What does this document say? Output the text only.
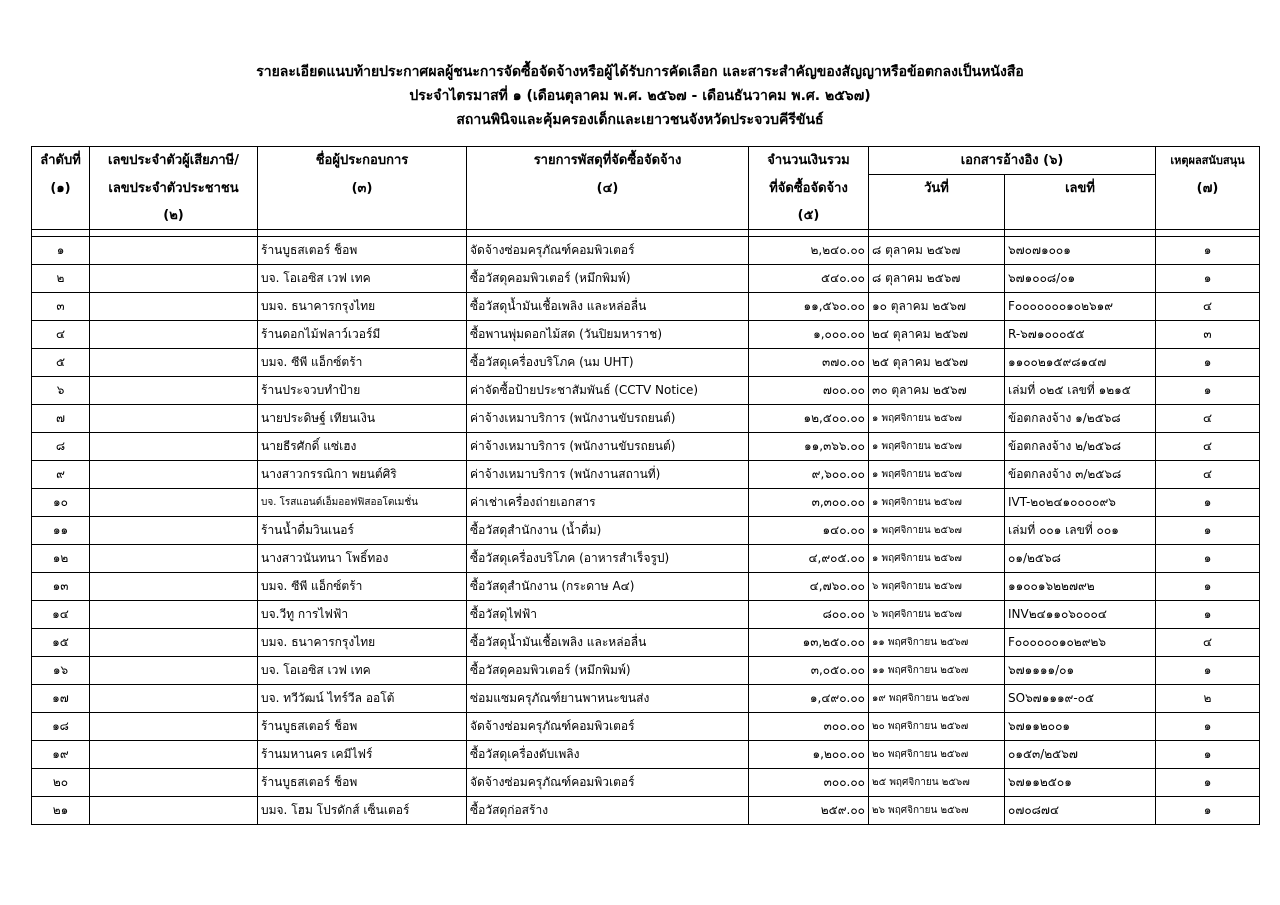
รายละเอียดแนบท้ายประกาศผลผู้ชนะการจัดซื้อจัดจ้างหรือผู้ได้รับการคัดเลือก และสาระสำคัญของสัญญาหรือข้อตกลงเป็นหนังสือ
ประจำไตรมาสที่ ๑ (เดือนตุลาคม พ.ศ. ๒๕๖๗ - เดือนธันวาคม พ.ศ. ๒๕๖๗)
สถานพินิจและคุ้มครองเด็กและเยาวชนจังหวัดประจวบคีรีขันธ์
ลำดับที่	เลขประจำตัวผู้เสียภาษี/	ชื่อผู้ประกอบการ	รายการพัสดุที่จัดซื้อจัดจ้าง	จำนวนเงินรวม	เอกสารอ้างอิง (๖)		เหตุผลสนับสนุน
(๑)	เลขประจำตัวประชาชน	(๓)	(๔)	ที่จัดซื้อจัดจ้าง	วันที่	เลขที่	(๗)
	(๒)			(๕)			

๑		ร้านบูธสเตอร์ ช็อพ	จัดจ้างซ่อมครุภัณฑ์คอมพิวเตอร์	๒,๒๔๐.๐๐	๘ ตุลาคม ๒๕๖๗	๖๗๐๗๑๐๐๑	๑
๒		บจ. โอเอซิส เวฟ เทค	ซื้อวัสดุคอมพิวเตอร์ (หมึกพิมพ์)	๕๔๐.๐๐	๘ ตุลาคม ๒๕๖๗	๖๗๑๐๐๘/๐๑	๑
๓		บมจ. ธนาคารกรุงไทย	ซื้อวัสดุน้ำมันเชื้อเพลิง และหล่อลื่น	๑๑,๕๖๐.๐๐	๑๐ ตุลาคม ๒๕๖๗	F๐๐๐๐๐๐๐๑๐๒๖๑๙	๔
๔		ร้านดอกไม้ฟลาว์เวอร์มี	ซื้อพานพุ่มดอกไม้สด (วันปิยมหาราช)	๑,๐๐๐.๐๐	๒๔ ตุลาคม ๒๕๖๗	R-๖๗๑๐๐๐๕๕	๓
๕		บมจ. ซีพี แอ็กซ์ตร้า	ซื้อวัสดุเครื่องบริโภค (นม UHT)	๓๗๐.๐๐	๒๕ ตุลาคม ๒๕๖๗	๑๑๐๐๒๑๕๙๘๑๔๗	๑
๖		ร้านประจวบทำป้าย	ค่าจัดซื้อป้ายประชาสัมพันธ์ (CCTV Notice)	๗๐๐.๐๐	๓๐ ตุลาคม ๒๕๖๗	เล่มที่ ๐๒๕ เลขที่ ๑๒๑๕	๑
๗		นายประดิษฐ์ เทียนเงิน	ค่าจ้างเหมาบริการ (พนักงานขับรถยนต์)	๑๒,๕๐๐.๐๐	๑ พฤศจิกายน ๒๕๖๗	ข้อตกลงจ้าง ๑/๒๕๖๘	๔
๘		นายธีรศักดิ์ แซ่เฮง	ค่าจ้างเหมาบริการ (พนักงานขับรถยนต์)	๑๑,๓๖๖.๐๐	๑ พฤศจิกายน ๒๕๖๗	ข้อตกลงจ้าง ๒/๒๕๖๘	๔
๙		นางสาวกรรณิกา พยนต์ศิริ	ค่าจ้างเหมาบริการ (พนักงานสถานที่)	๙,๖๐๐.๐๐	๑ พฤศจิกายน ๒๕๖๗	ข้อตกลงจ้าง ๓/๒๕๖๘	๔
๑๐		บจ. โรสแอนด์เอ็มออฟฟิสออโตเมชั่น	ค่าเช่าเครื่องถ่ายเอกสาร	๓,๓๐๐.๐๐	๑ พฤศจิกายน ๒๕๖๗	IVT-๒๐๒๔๑๐๐๐๐๙๖	๑
๑๑		ร้านน้ำดื่มวินเนอร์	ซื้อวัสดุสำนักงาน (น้ำดื่ม)	๑๔๐.๐๐	๑ พฤศจิกายน ๒๕๖๗	เล่มที่ ๐๐๑ เลขที่ ๐๐๑	๑
๑๒		นางสาวนันทนา โพธิ์ทอง	ซื้อวัสดุเครื่องบริโภค (อาหารสำเร็จรูป)	๔,๙๐๕.๐๐	๑ พฤศจิกายน ๒๕๖๗	๐๑/๒๕๖๘	๑
๑๓		บมจ. ซีพี แอ็กซ์ตร้า	ซื้อวัสดุสำนักงาน (กระดาษ A๔)	๔,๗๖๐.๐๐	๖ พฤศจิกายน ๒๕๖๗	๑๑๐๐๑๖๒๒๗๙๒	๑
๑๔		บจ.วีทู การไฟฟ้า	ซื้อวัสดุไฟฟ้า	๘๐๐.๐๐	๖ พฤศจิกายน ๒๕๖๗	INV๒๔๑๑๐๖๐๐๐๔	๑
๑๕		บมจ. ธนาคารกรุงไทย	ซื้อวัสดุน้ำมันเชื้อเพลิง และหล่อลื่น	๑๓,๒๕๐.๐๐	๑๑ พฤศจิกายน ๒๕๖๗	F๐๐๐๐๐๐๑๐๒๙๒๖	๔
๑๖		บจ. โอเอซิส เวฟ เทค	ซื้อวัสดุคอมพิวเตอร์ (หมึกพิมพ์)	๓,๐๕๐.๐๐	๑๑ พฤศจิกายน ๒๕๖๗	๖๗๑๑๑๑/๐๑	๑
๑๗		บจ. ทวีวัฒน์ ไทร์วีล ออโต้	ซ่อมแซมครุภัณฑ์ยานพาหนะขนส่ง	๑,๔๙๐.๐๐	๑๙ พฤศจิกายน ๒๕๖๗	SO๖๗๑๑๑๙-๐๕	๒
๑๘		ร้านบูธสเตอร์ ช็อพ	จัดจ้างซ่อมครุภัณฑ์คอมพิวเตอร์	๓๐๐.๐๐	๒๐ พฤศจิกายน ๒๕๖๗	๖๗๑๑๒๐๐๑	๑
๑๙		ร้านมหานคร เคมีไฟร์	ซื้อวัสดุเครื่องดับเพลิง	๑,๒๐๐.๐๐	๒๐ พฤศจิกายน ๒๕๖๗	๐๑๕๓/๒๕๖๗	๑
๒๐		ร้านบูธสเตอร์ ช็อพ	จัดจ้างซ่อมครุภัณฑ์คอมพิวเตอร์	๓๐๐.๐๐	๒๕ พฤศจิกายน ๒๕๖๗	๖๗๑๑๒๕๐๑	๑
๒๑		บมจ. โฮม โปรดักส์ เซ็นเตอร์	ซื้อวัสดุก่อสร้าง	๒๕๙.๐๐	๒๖ พฤศจิกายน ๒๕๖๗	๐๗๐๘๗๔	๑
